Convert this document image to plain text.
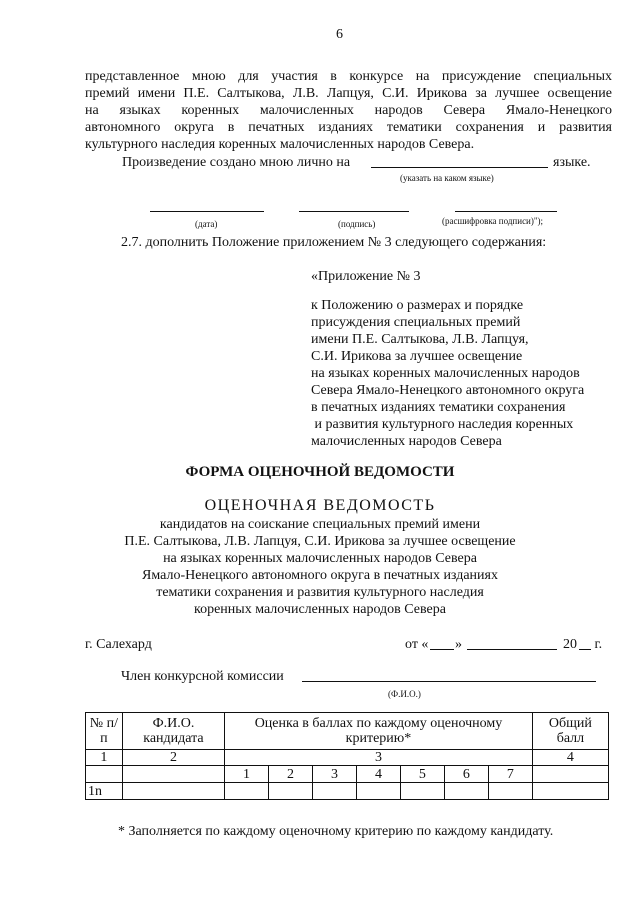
6
представленное мною для участия в конкурсе на присуждение специальных
премий имени П.Е. Салтыкова, Л.В. Лапцуя, С.И. Ирикова за лучшее освещение
на языках коренных малочисленных народов Севера Ямало-Ненецкого
автономного округа в печатных изданиях тематики сохранения и развития
культурного наследия коренных малочисленных народов Севера.
Произведение создано мною лично на	языке.
(указать на каком языке)
(дата)	(подпись)	(расшифровка подписи)");
2.7. дополнить Положение приложением № 3 следующего содержания:
«Приложение № 3
к Положению о размерах и порядке
присуждения специальных премий
имени П.Е. Салтыкова, Л.В. Лапцуя,
С.И. Ирикова за лучшее освещение
на языках коренных малочисленных народов
Севера Ямало-Ненецкого автономного округа
в печатных изданиях тематики сохранения
и развития культурного наследия коренных
малочисленных народов Севера
ФОРМА ОЦЕНОЧНОЙ ВЕДОМОСТИ
ОЦЕНОЧНАЯ ВЕДОМОСТЬ
кандидатов на соискание специальных премий имени
П.Е. Салтыкова, Л.В. Лапцуя, С.И. Ирикова за лучшее освещение
на языках коренных малочисленных народов Севера
Ямало-Ненецкого автономного округа в печатных изданиях
тематики сохранения и развития культурного наследия
коренных малочисленных народов Севера
г. Салехард	от « »	20 г.
Член конкурсной комиссии
(Ф.И.О.)
№ п/п	Ф.И.О. кандидата	Оценка в баллах по каждому оценочному критерию*							Общий балл
1	2	3							4
		1	2	3	4	5	6	7	
1n									
* Заполняется по каждому оценочному критерию по каждому кандидату.
